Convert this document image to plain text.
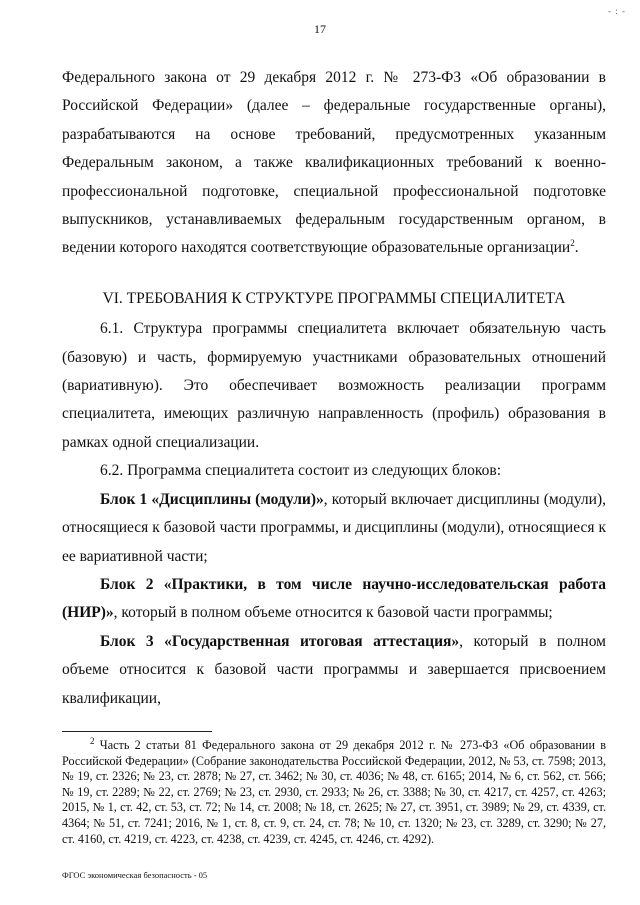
- : -
17

Федерального закона от 29 декабря 2012 г. № 273-ФЗ «Об образовании в Российской Федерации» (далее – федеральные государственные органы), разрабатываются на основе требований, предусмотренных указанным Федеральным законом, а также квалификационных требований к военно-профессиональной подготовке, специальной профессиональной подготовке выпускников, устанавливаемых федеральным государственным органом, в ведении которого находятся соответствующие образовательные организации$^2$.

VI. ТРЕБОВАНИЯ К СТРУКТУРЕ ПРОГРАММЫ СПЕЦИАЛИТЕТА

6.1. Структура программы специалитета включает обязательную часть (базовую) и часть, формируемую участниками образовательных отношений (вариативную). Это обеспечивает возможность реализации программ специалитета, имеющих различную направленность (профиль) образования в рамках одной специализации.

6.2. Программа специалитета состоит из следующих блоков:

Блок 1 «Дисциплины (модули)», который включает дисциплины (модули), относящиеся к базовой части программы, и дисциплины (модули), относящиеся к ее вариативной части;

Блок 2 «Практики, в том числе научно-исследовательская работа (НИР)», который в полном объеме относится к базовой части программы;

Блок 3 «Государственная итоговая аттестация», который в полном объеме относится к базовой части программы и завершается присвоением квалификации,

$^2$ Часть 2 статьи 81 Федерального закона от 29 декабря 2012 г. № 273-ФЗ «Об образовании в Российской Федерации» (Собрание законодательства Российской Федерации, 2012, № 53, ст. 7598; 2013, № 19, ст. 2326; № 23, ст. 2878; № 27, ст. 3462; № 30, ст. 4036; № 48, ст. 6165; 2014, № 6, ст. 562, ст. 566; № 19, ст. 2289; № 22, ст. 2769; № 23, ст. 2930, ст. 2933; № 26, ст. 3388; № 30, ст. 4217, ст. 4257, ст. 4263; 2015, № 1, ст. 42, ст. 53, ст. 72; № 14, ст. 2008; № 18, ст. 2625; № 27, ст. 3951, ст. 3989; № 29, ст. 4339, ст. 4364; № 51, ст. 7241; 2016, № 1, ст. 8, ст. 9, ст. 24, ст. 78; № 10, ст. 1320; № 23, ст. 3289, ст. 3290; № 27, ст. 4160, ст. 4219, ст. 4223, ст. 4238, ст. 4239, ст. 4245, ст. 4246, ст. 4292).

ФГОС экономическая безопасность - 05
